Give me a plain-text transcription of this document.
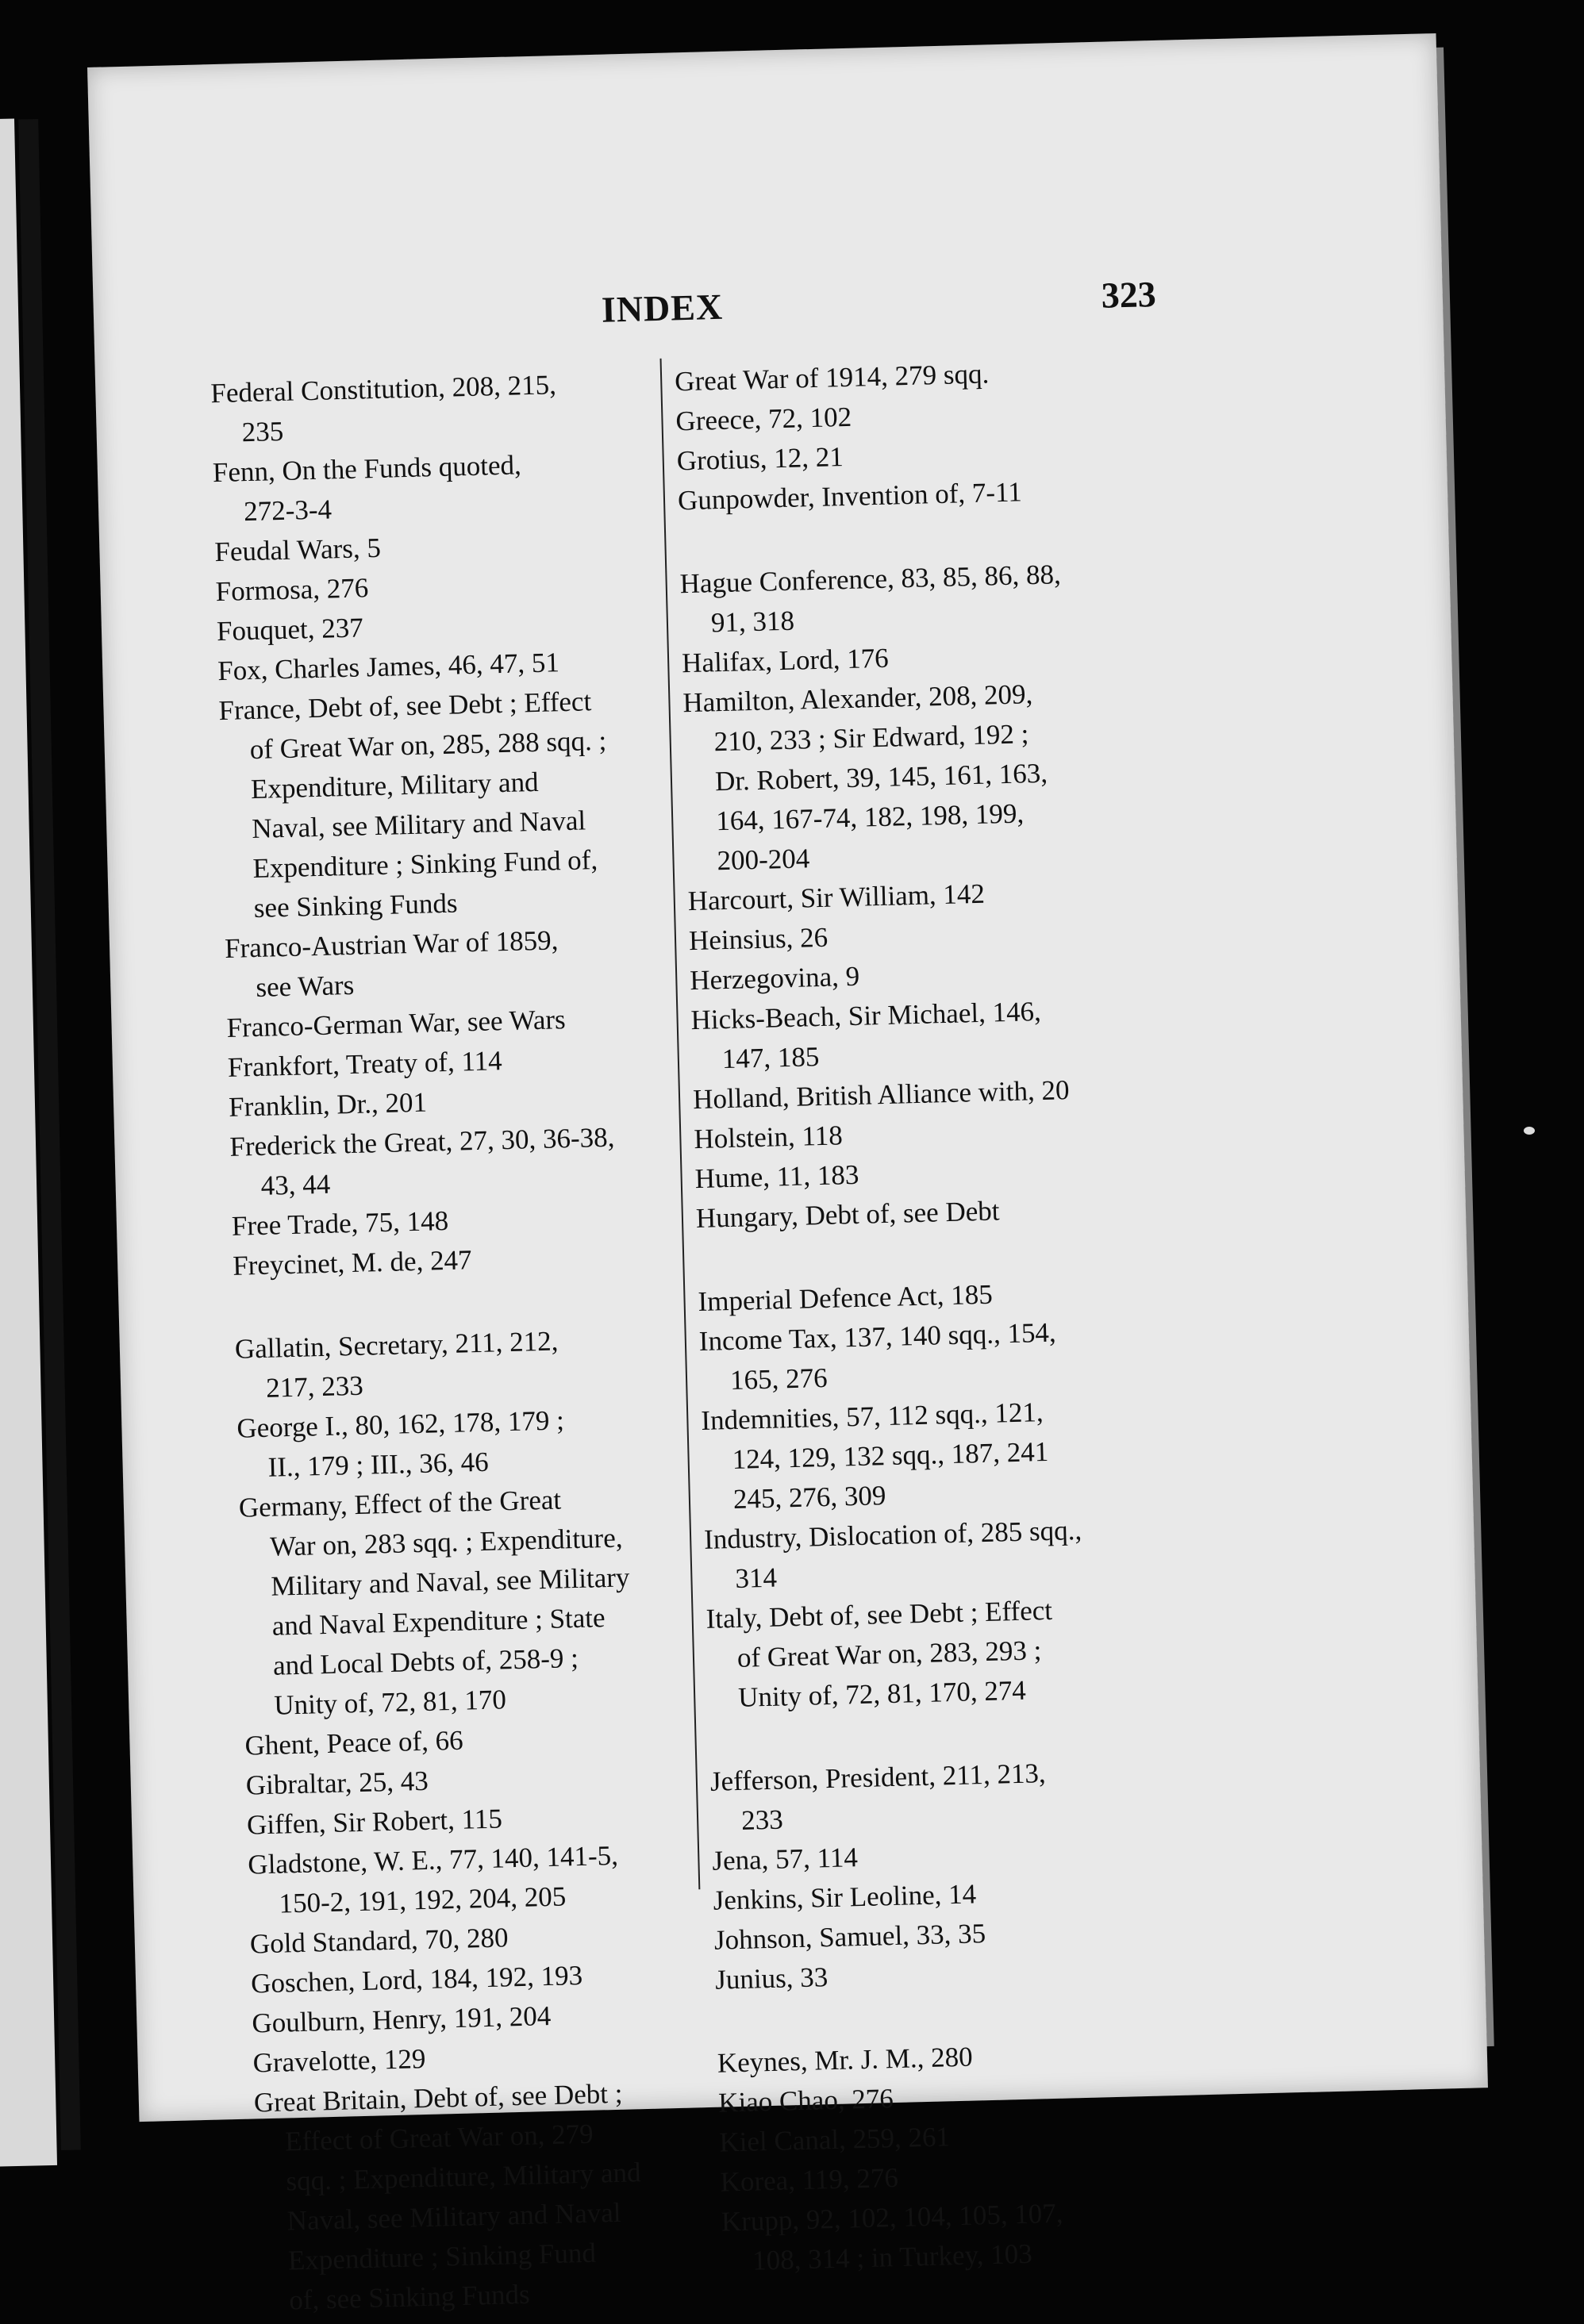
INDEX	323
Federal Constitution, 208, 215,
235
Fenn, On the Funds quoted,
272-3-4
Feudal Wars, 5
Formosa, 276
Fouquet, 237
Fox, Charles James, 46, 47, 51
France, Debt of, see Debt ; Effect
of Great War on, 285, 288 sqq. ;
Expenditure, Military and
Naval, see Military and Naval
Expenditure ; Sinking Fund of,
see Sinking Funds
Franco-Austrian War of 1859,
see Wars
Franco-German War, see Wars
Frankfort, Treaty of, 114
Franklin, Dr., 201
Frederick the Great, 27, 30, 36-38,
43, 44
Free Trade, 75, 148
Freycinet, M. de, 247
Gallatin, Secretary, 211, 212,
217, 233
George I., 80, 162, 178, 179 ;
II., 179 ; III., 36, 46
Germany, Effect of the Great
War on, 283 sqq. ; Expenditure,
Military and Naval, see Military
and Naval Expenditure ; State
and Local Debts of, 258-9 ;
Unity of, 72, 81, 170
Ghent, Peace of, 66
Gibraltar, 25, 43
Giffen, Sir Robert, 115
Gladstone, W. E., 77, 140, 141-5,
150-2, 191, 192, 204, 205
Gold Standard, 70, 280
Goschen, Lord, 184, 192, 193
Goulburn, Henry, 191, 204
Gravelotte, 129
Great Britain, Debt of, see Debt ;
Effect of Great War on, 279
sqq. ; Expenditure, Military and
Naval, see Military and Naval
Expenditure ; Sinking Fund
of, see Sinking Funds
Great War of 1914, 279 sqq.
Greece, 72, 102
Grotius, 12, 21
Gunpowder, Invention of, 7-11
Hague Conference, 83, 85, 86, 88,
91, 318
Halifax, Lord, 176
Hamilton, Alexander, 208, 209,
210, 233 ; Sir Edward, 192 ;
Dr. Robert, 39, 145, 161, 163,
164, 167-74, 182, 198, 199,
200-204
Harcourt, Sir William, 142
Heinsius, 26
Herzegovina, 9
Hicks-Beach, Sir Michael, 146,
147, 185
Holland, British Alliance with, 20
Holstein, 118
Hume, 11, 183
Hungary, Debt of, see Debt
Imperial Defence Act, 185
Income Tax, 137, 140 sqq., 154,
165, 276
Indemnities, 57, 112 sqq., 121,
124, 129, 132 sqq., 187, 241
245, 276, 309
Industry, Dislocation of, 285 sqq.,
314
Italy, Debt of, see Debt ; Effect
of Great War on, 283, 293 ;
Unity of, 72, 81, 170, 274
Jefferson, President, 211, 213,
233
Jena, 57, 114
Jenkins, Sir Leoline, 14
Johnson, Samuel, 33, 35
Junius, 33
Keynes, Mr. J. M., 280
Kiao Chao, 276
Kiel Canal, 259, 261
Korea, 119, 276
Krupp, 92, 102, 104, 105, 107,
108, 314 ; in Turkey, 103
